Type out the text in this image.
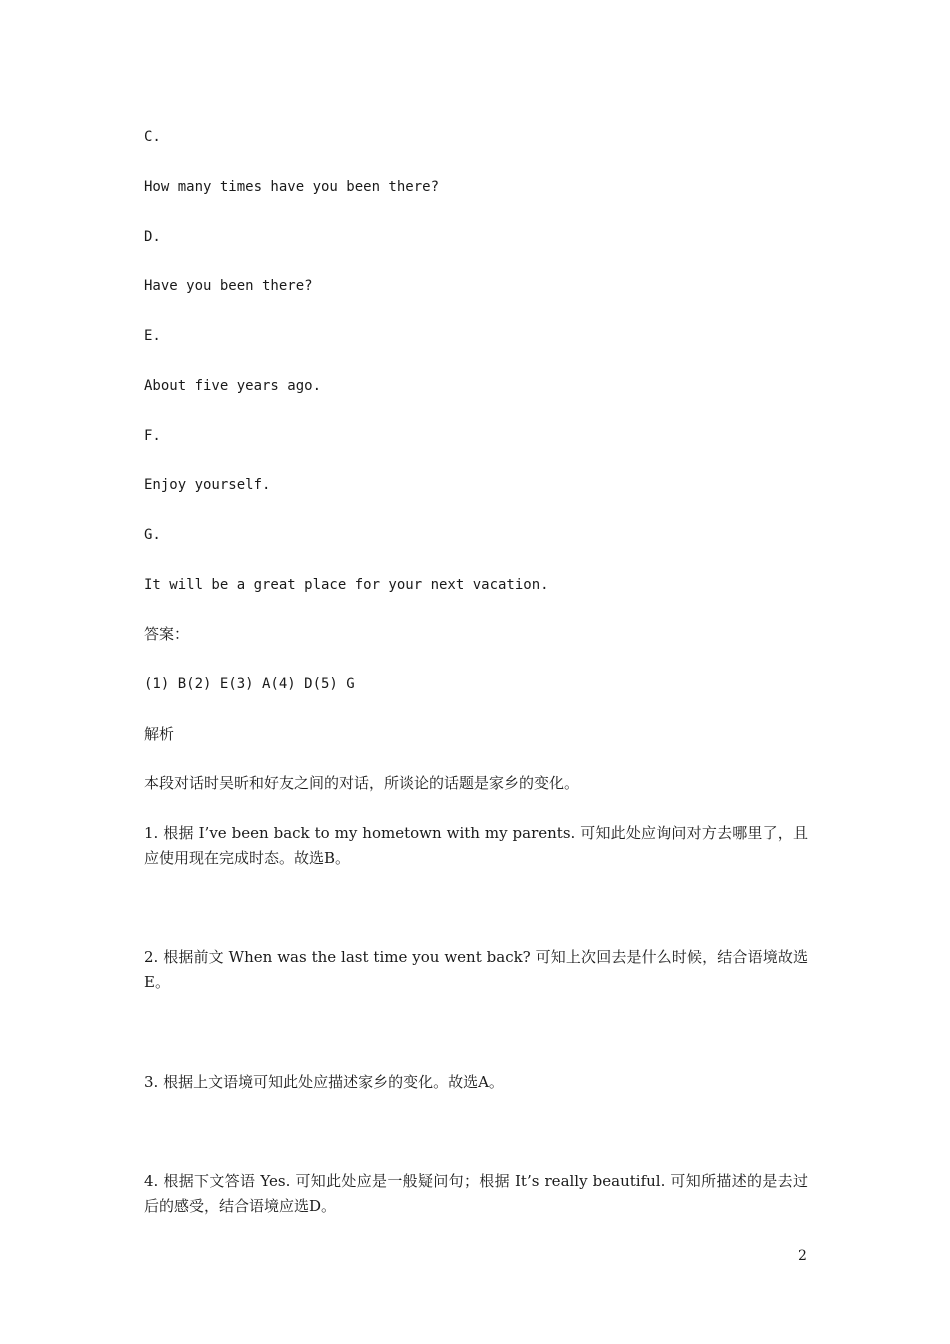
C.
How many times have you been there?
D.
Have you been there?
E.
About five years ago.
F.
Enjoy yourself.
G.
It will be a great place for your next vacation.
答案：
(1) B(2) E(3) A(4) D(5) G
解析
本段对话时吴昕和好友之间的对话，所谈论的话题是家乡的变化。
1. 根据 I’ve been back to my hometown with my parents. 可知此处应询问对方去哪里了，且应使用现在完成时态。故选B。
2. 根据前文 When was the last time you went back? 可知上次回去是什么时候，结合语境故选E。
3. 根据上文语境可知此处应描述家乡的变化。故选A。
4. 根据下文答语 Yes. 可知此处应是一般疑问句；根据 It’s really beautiful. 可知所描述的是去过后的感受，结合语境应选D。
2
